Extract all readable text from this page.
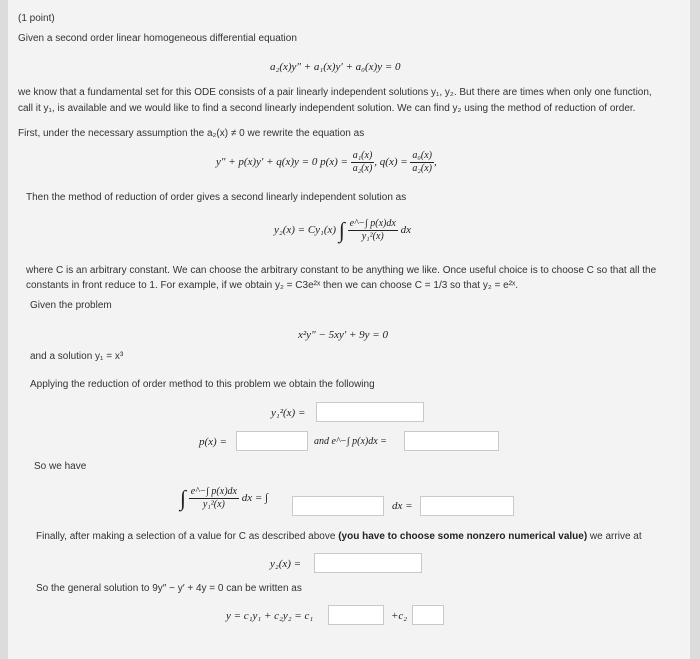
(1 point)
Given a second order linear homogeneous differential equation
a₂(x)y″ + a₁(x)y′ + a₀(x)y = 0
we know that a fundamental set for this ODE consists of a pair linearly independent solutions y₁, y₂. But there are times when only one function,
call it y₁, is available and we would like to find a second linearly independent solution. We can find y₂ using the method of reduction of order.
First, under the necessary assumption the a₂(x) ≠ 0 we rewrite the equation as
y″ + p(x)y′ + q(x)y = 0 $p(x) = \frac{\text{a₁(x)}}{\text{a₂(x)}}$ , $q(x) = \frac{\text{a₀(x)}}{\text{a₂(x)}}$ ,
Then the method of reduction of order gives a second linearly independent solution as
y₂(x) = Cy₁(x) ∫ $\frac{e\^{}-\int p(x)dx}{\text{y₁²(x)}}$ dx
where C is an arbitrary constant. We can choose the arbitrary constant to be anything we like. Once useful choice is to choose C so that all the
constants in front reduce to 1. For example, if we obtain y₂ = C3e²ˣ then we can choose C = 1/3 so that y₂ = e²ˣ.
Given the problem
x²y″ − 5xy′ + 9y = 0
and a solution y₁ = x³
Applying the reduction of order method to this problem we obtain the following
y₁²(x) =
p(x) =	and e^−∫ p(x)dx =
So we have
∫ $\frac{e\^{}-\int p(x)dx}{\text{y₁²(x)}}$ dx = ∫
dx =
Finally, after making a selection of a value for C as described above (you have to choose some nonzero numerical value) we arrive at
y₂(x) =
So the general solution to 9y″ − y′ + 4y = 0 can be written as
y = c₁y₁ + c₂y₂ = c₁	+c₂
